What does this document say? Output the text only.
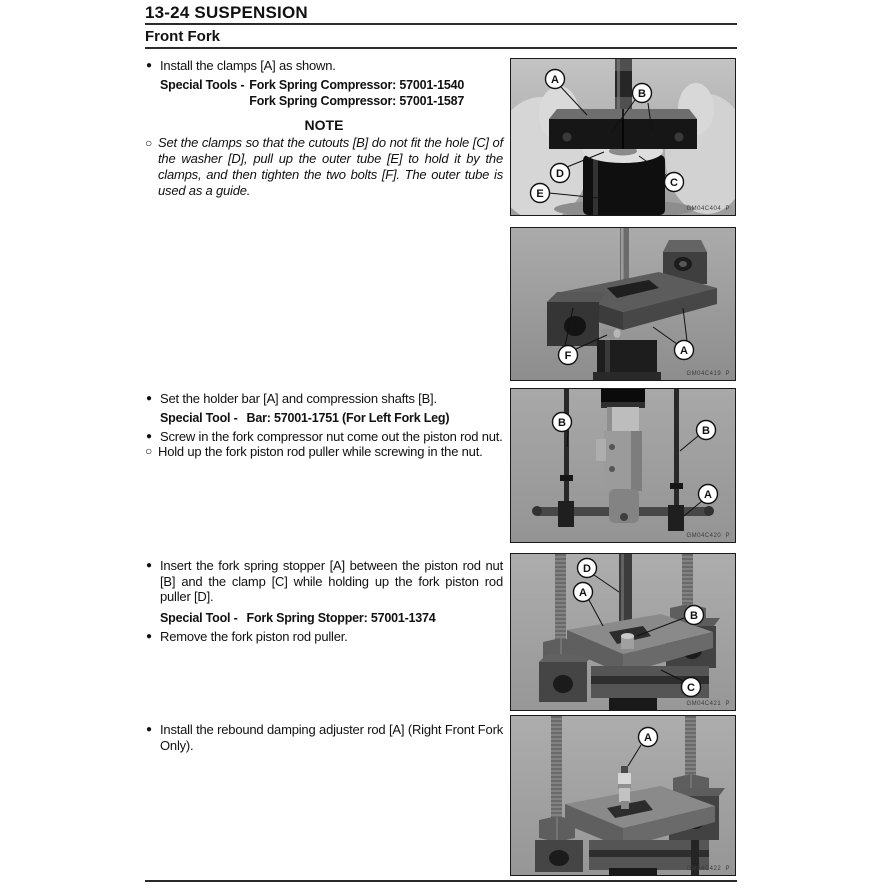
13-24 SUSPENSION
Front Fork

● Install the clamps [A] as shown.

Special Tools - Fork Spring Compressor: 57001-1540
Fork Spring Compressor: 57001-1587

NOTE

○ Set the clamps so that the cutouts [B] do not fit the hole [C] of the washer [D], pull up the outer tube [E] to hold it by the clamps, and then tighten the two bolts [F]. The outer tube is used as a guide.

● Set the holder bar [A] and compression shafts [B].

Special Tool - Bar: 57001-1751 (For Left Fork Leg)

● Screw in the fork compressor nut come out the piston rod nut.

○ Hold up the fork piston rod puller while screwing in the nut.

● Insert the fork spring stopper [A] between the piston rod nut [B] and the clamp [C] while holding up the fork piston rod puller [D].

Special Tool - Fork Spring Stopper: 57001-1374

● Remove the fork piston rod puller.

● Install the rebound damping adjuster rod [A] (Right Front Fork Only).

A
B
D
C
E
GM04C404  P
F	A
GM04C419  P
B
B
A
GM04C420  P
D
A
B
C
GM04C421  P
A
GM04C422  P
